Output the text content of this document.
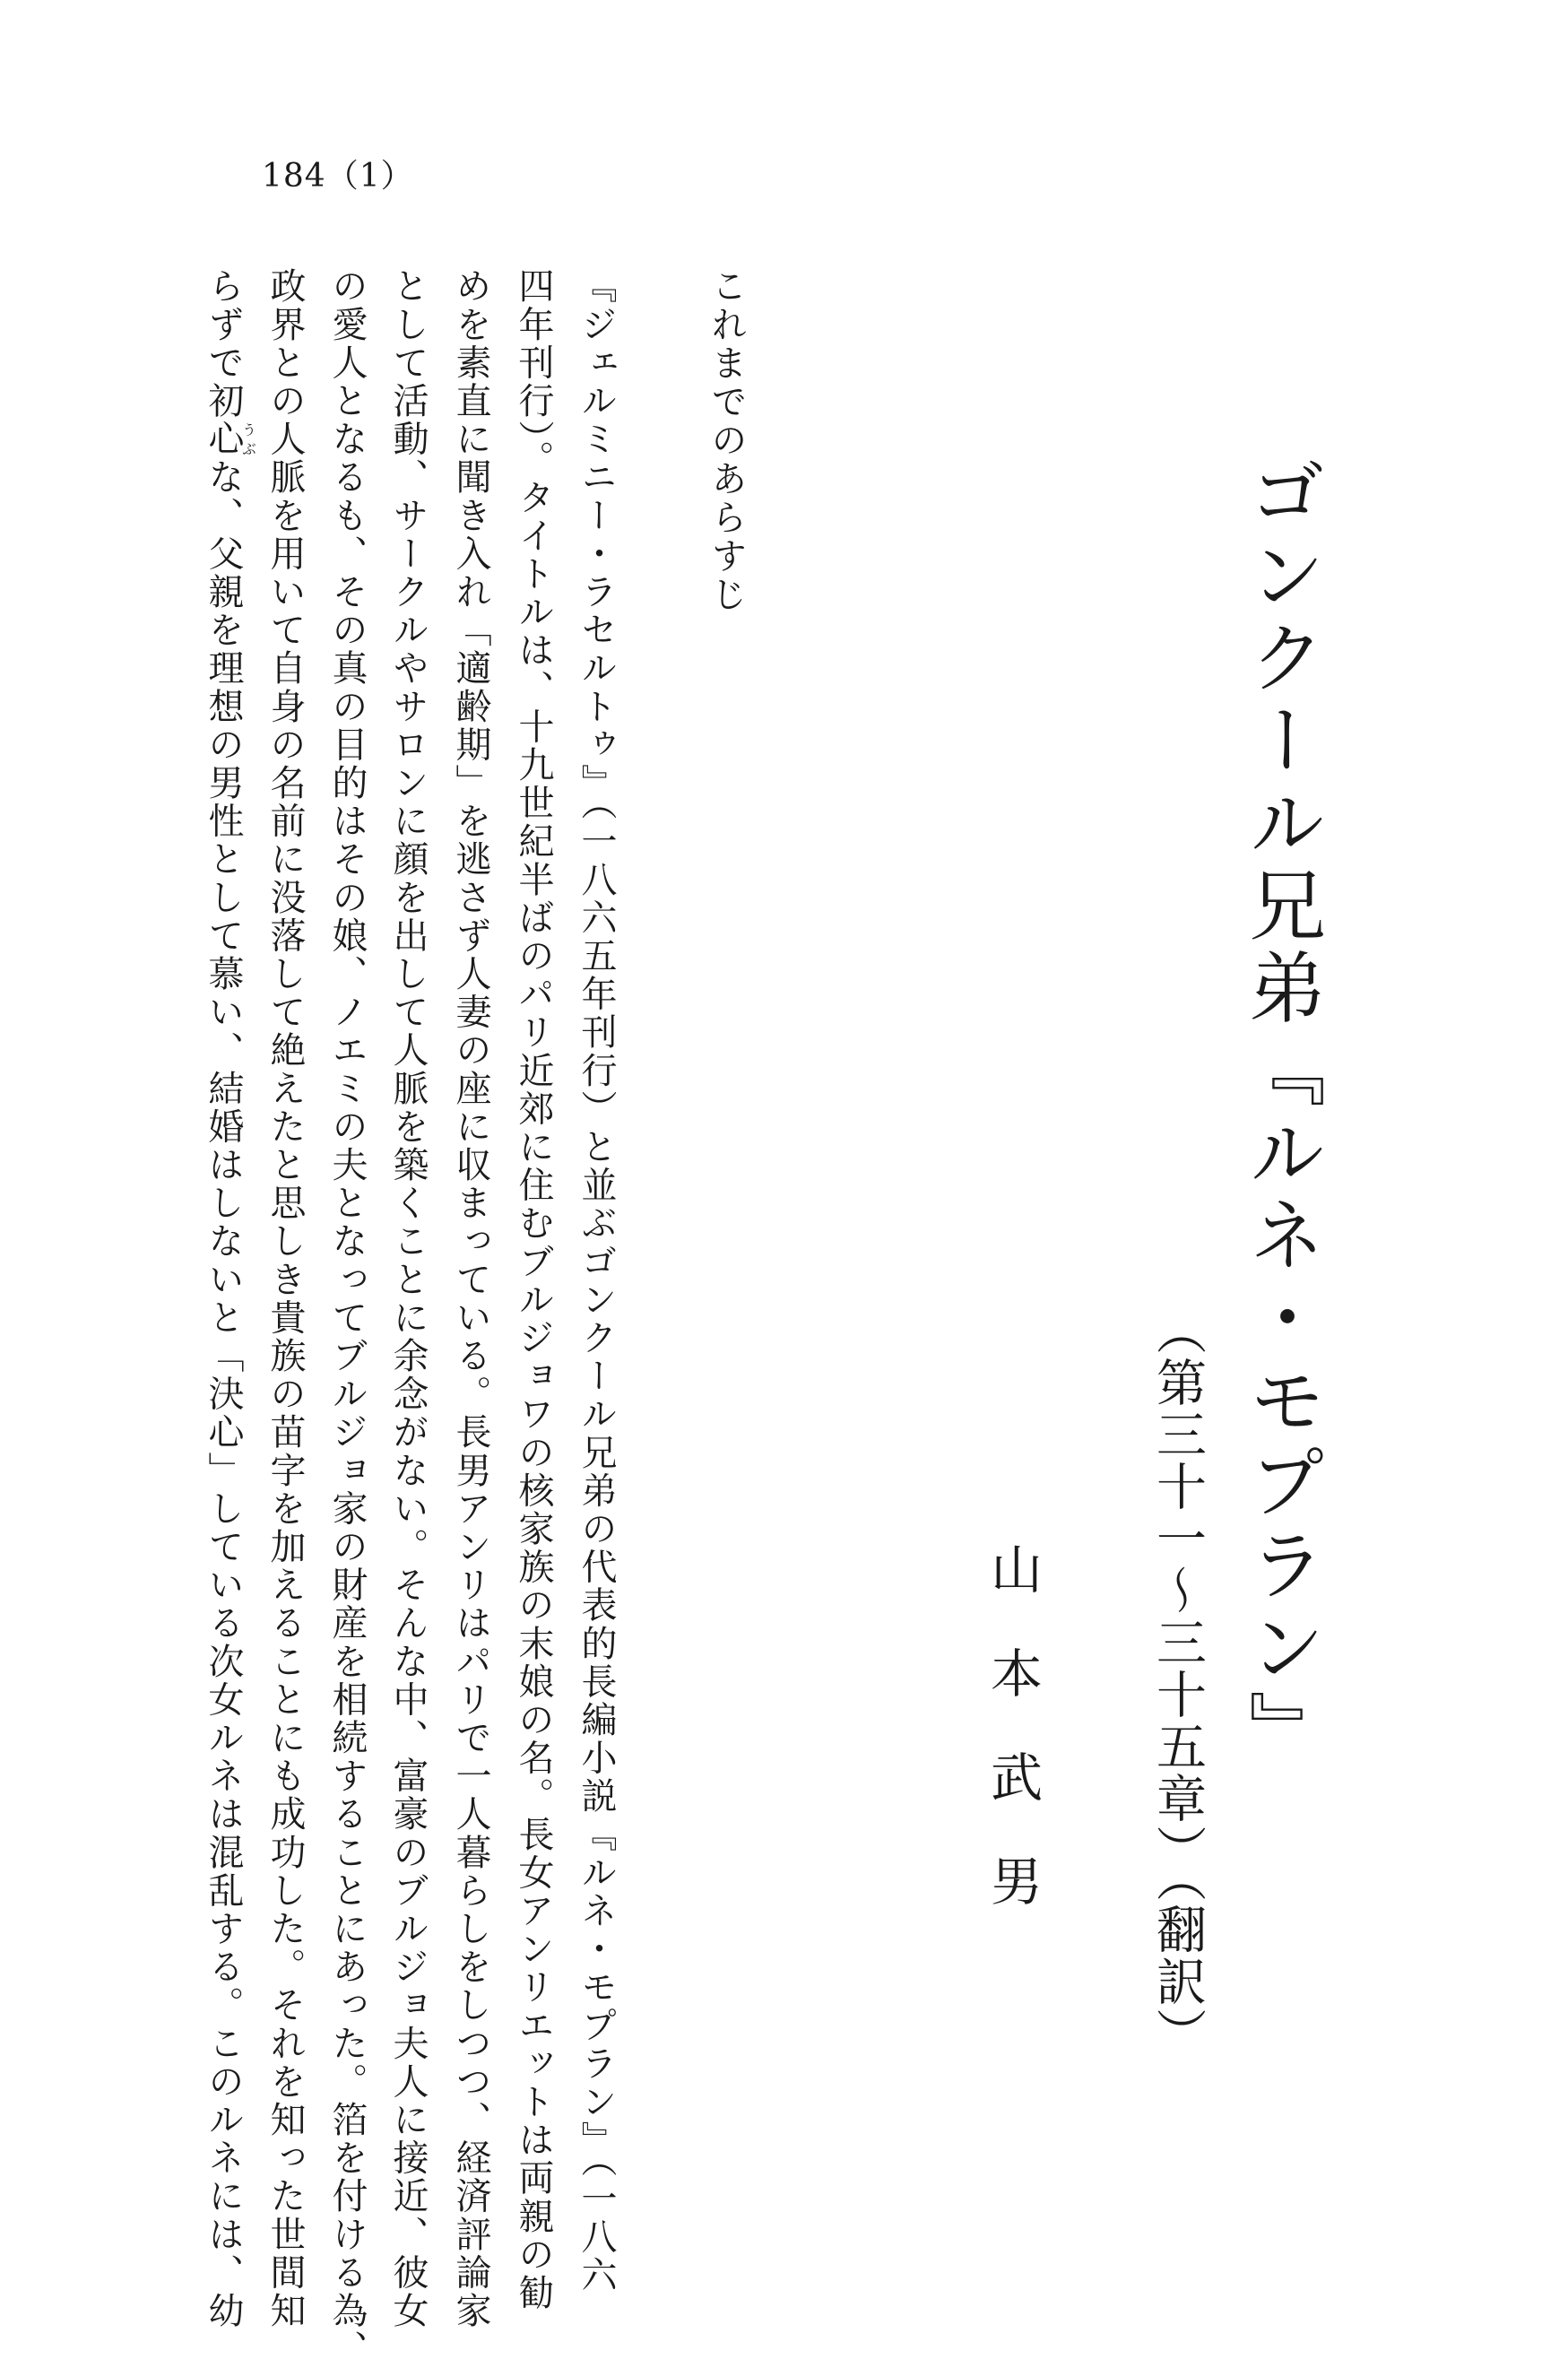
184（1）
ゴンクール兄弟『ルネ・モプラン』
（第三十一〜三十五章）（翻訳）
山本武男
これまでのあらすじ
『ジェルミニー・ラセルトゥ』（一八六五年刊行）と並ぶゴンクール兄弟の代表的長編小説『ルネ・モプラン』（一八六
四年刊行）。タイトルは、十九世紀半ばのパリ近郊に住むブルジョワの核家族の末娘の名。長女アンリエットは両親の勧
めを素直に聞き入れ「適齢期」を逃さず人妻の座に収まっている。長男アンリはパリで一人暮らしをしつつ、経済評論家
として活動、サークルやサロンに顔を出して人脈を築くことに余念がない。そんな中、富豪のブルジョ夫人に接近、彼女
の愛人となるも、その真の目的はその娘、ノエミの夫となってブルジョ家の財産を相続することにあった。箔を付ける為、
政界との人脈を用いて自身の名前に没落して絶えたと思しき貴族の苗字を加えることにも成功した。それを知った世間知
らずで初心うぶな、父親を理想の男性として慕い、結婚はしないと「決心」している次女ルネは混乱する。このルネには、幼
